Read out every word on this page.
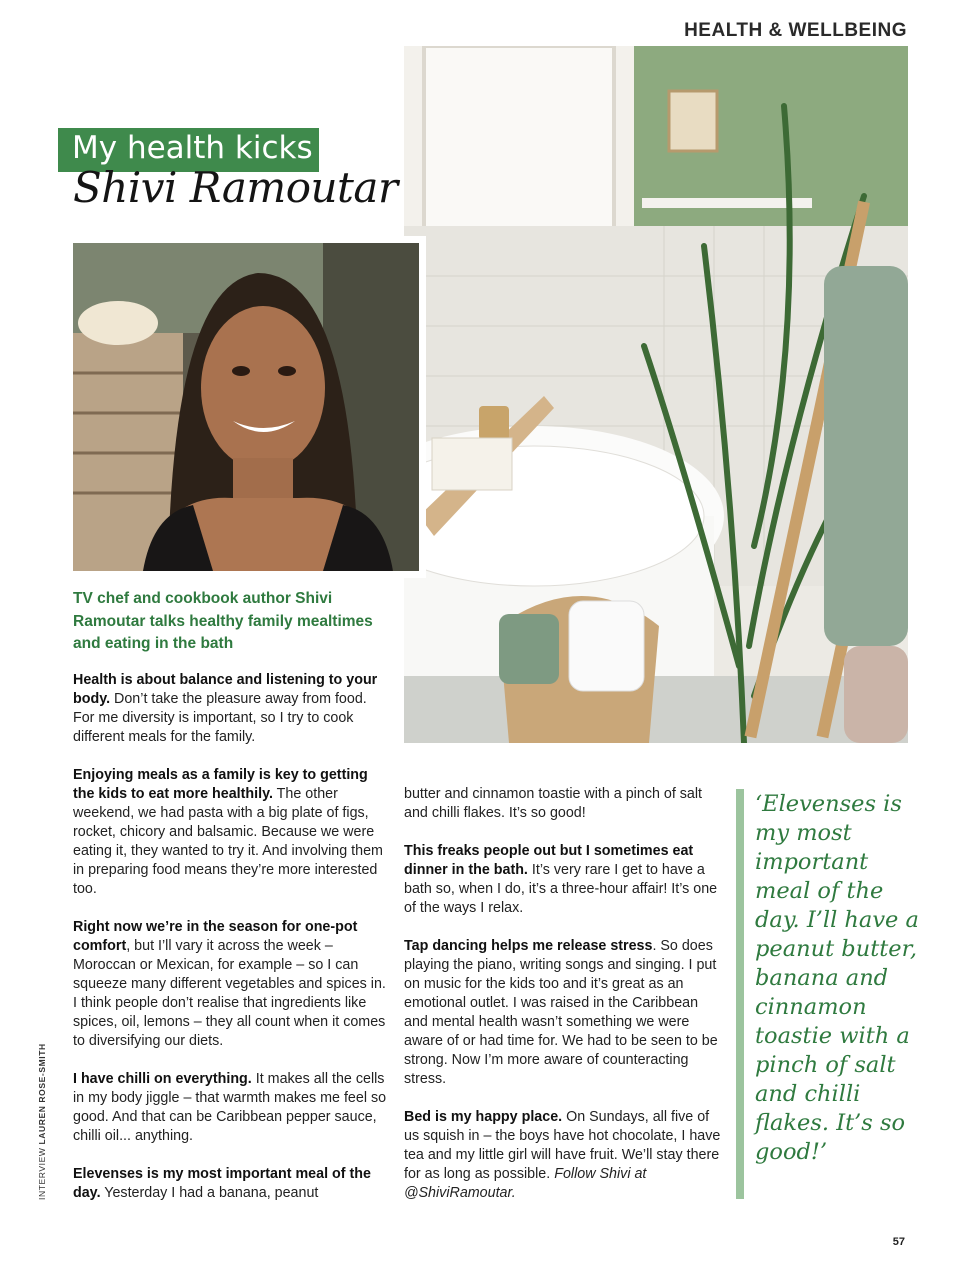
HEALTH & WELLBEING
My health kicks
Shivi Ramoutar
TV chef and cookbook author Shivi Ramoutar talks healthy family mealtimes and eating in the bath

Health is about balance and listening to your body. Don’t take the pleasure away from food. For me diversity is important, so I try to cook different meals for the family.

Enjoying meals as a family is key to getting the kids to eat more healthily. The other weekend, we had pasta with a big plate of figs, rocket, chicory and balsamic. Because we were eating it, they wanted to try it. And involving them in preparing food means they’re more interested too.

Right now we’re in the season for one-pot comfort, but I’ll vary it across the week – Moroccan or Mexican, for example – so I can squeeze many different vegetables and spices in. I think people don’t realise that ingredients like spices, oil, lemons – they all count when it comes to diversifying our diets.

I have chilli on everything. It makes all the cells in my body jiggle – that warmth makes me feel so good. And that can be Caribbean pepper sauce, chilli oil... anything.

Elevenses is my most important meal of the day. Yesterday I had a banana, peanut

butter and cinnamon toastie with a pinch of salt and chilli flakes. It’s so good!

This freaks people out but I sometimes eat dinner in the bath. It’s very rare I get to have a bath so, when I do, it’s a three-hour affair! It’s one of the ways I relax.

Tap dancing helps me release stress. So does playing the piano, writing songs and singing. I put on music for the kids too and it’s great as an emotional outlet. I was raised in the Caribbean and mental health wasn’t something we were aware of or had time for. We had to be seen to be strong. Now I’m more aware of counteracting stress.

Bed is my happy place. On Sundays, all five of us squish in – the boys have hot chocolate, I have tea and my little girl will have fruit. We’ll stay there for as long as possible. Follow Shivi at @ShiviRamoutar.

‘Elevenses is my most important meal of the day. I’ll have a peanut butter, banana and cinnamon toastie with a pinch of salt and chilli flakes. It’s so good!’
INTERVIEW LAUREN ROSE-SMITH
57
